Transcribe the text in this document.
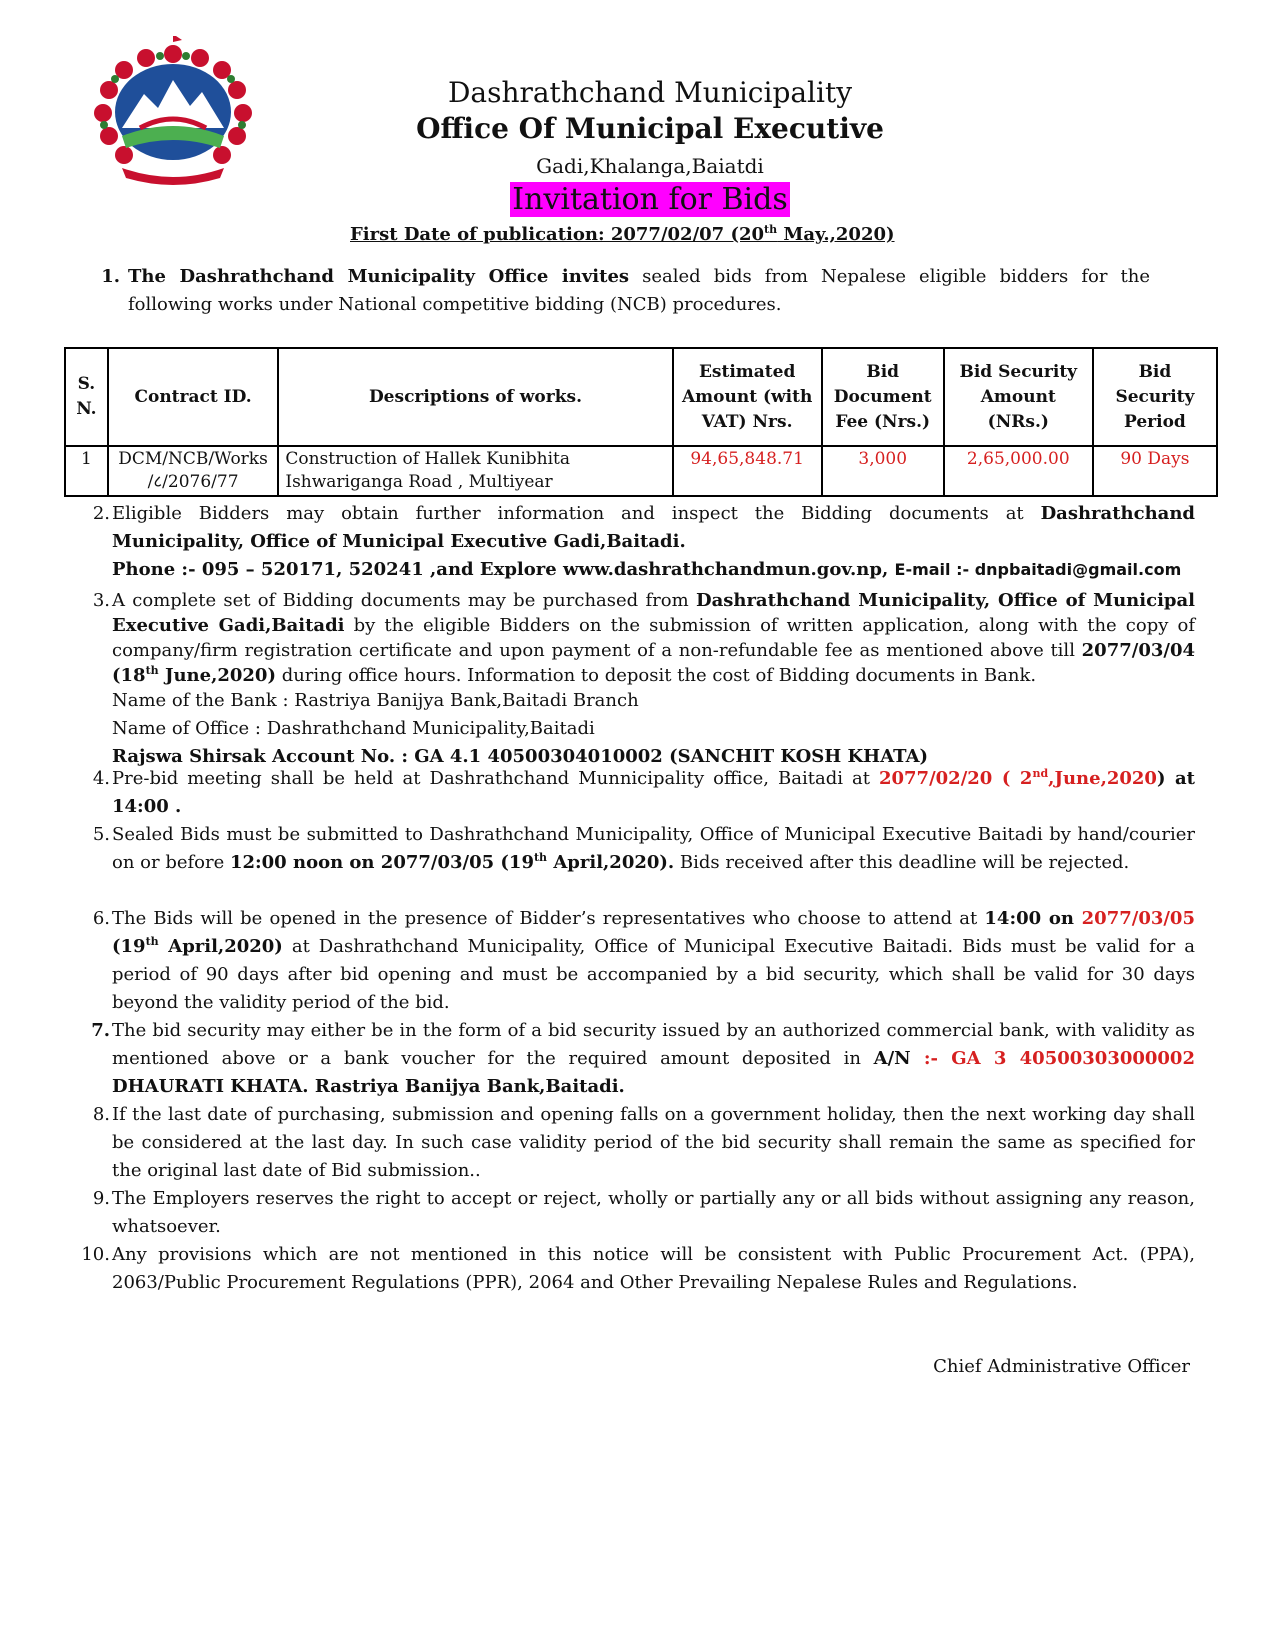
Dashrathchand Municipality
Office Of Municipal Executive
Gadi,Khalanga,Baiatdi
Invitation for Bids
First Date of publication: 2077/02/07 (20th May.,2020)
1. The Dashrathchand Municipality Office invites sealed bids from Nepalese eligible bidders for the following works under National competitive bidding (NCB) procedures.
S. N.	Contract ID.	Descriptions of works.	Estimated Amount (with VAT) Nrs.	Bid Document Fee (Nrs.)	Bid Security Amount (NRs.)	Bid Security Period
1	DCM/NCB/Works /८/2076/77	Construction of Hallek Kunibhita Ishwariganga Road , Multiyear	94,65,848.71	3,000	2,65,000.00	90 Days
2. Eligible Bidders may obtain further information and inspect the Bidding documents at Dashrathchand Municipality, Office of Municipal Executive Gadi,Baitadi.
Phone :- 095 – 520171, 520241 ,and Explore www.dashrathchandmun.gov.np, E-mail :- dnpbaitadi@gmail.com
3. A complete set of Bidding documents may be purchased from Dashrathchand Municipality, Office of Municipal Executive Gadi,Baitadi by the eligible Bidders on the submission of written application, along with the copy of company/firm registration certificate and upon payment of a non-refundable fee as mentioned above till 2077/03/04 (18th June,2020) during office hours. Information to deposit the cost of Bidding documents in Bank.
Name of the Bank : Rastriya Banijya Bank,Baitadi Branch
Name of Office : Dashrathchand Municipality,Baitadi
Rajswa Shirsak Account No. : GA 4.1 40500304010002 (SANCHIT KOSH KHATA)
4. Pre-bid meeting shall be held at Dashrathchand Munnicipality office, Baitadi at 2077/02/20 ( 2nd,June,2020) at 14:00 .
5. Sealed Bids must be submitted to Dashrathchand Municipality, Office of Municipal Executive Baitadi by hand/courier on or before 12:00 noon on 2077/03/05 (19th April,2020). Bids received after this deadline will be rejected.
6. The Bids will be opened in the presence of Bidder’s representatives who choose to attend at 14:00 on 2077/03/05 (19th April,2020) at Dashrathchand Municipality, Office of Municipal Executive Baitadi. Bids must be valid for a period of 90 days after bid opening and must be accompanied by a bid security, which shall be valid for 30 days beyond the validity period of the bid.
7. The bid security may either be in the form of a bid security issued by an authorized commercial bank, with validity as mentioned above or a bank voucher for the required amount deposited in A/N :- GA 3 40500303000002 DHAURATI KHATA. Rastriya Banijya Bank,Baitadi.
8. If the last date of purchasing, submission and opening falls on a government holiday, then the next working day shall be considered at the last day. In such case validity period of the bid security shall remain the same as specified for the original last date of Bid submission..
9. The Employers reserves the right to accept or reject, wholly or partially any or all bids without assigning any reason, whatsoever.
10. Any provisions which are not mentioned in this notice will be consistent with Public Procurement Act. (PPA), 2063/Public Procurement Regulations (PPR), 2064 and Other Prevailing Nepalese Rules and Regulations.
Chief Administrative Officer
